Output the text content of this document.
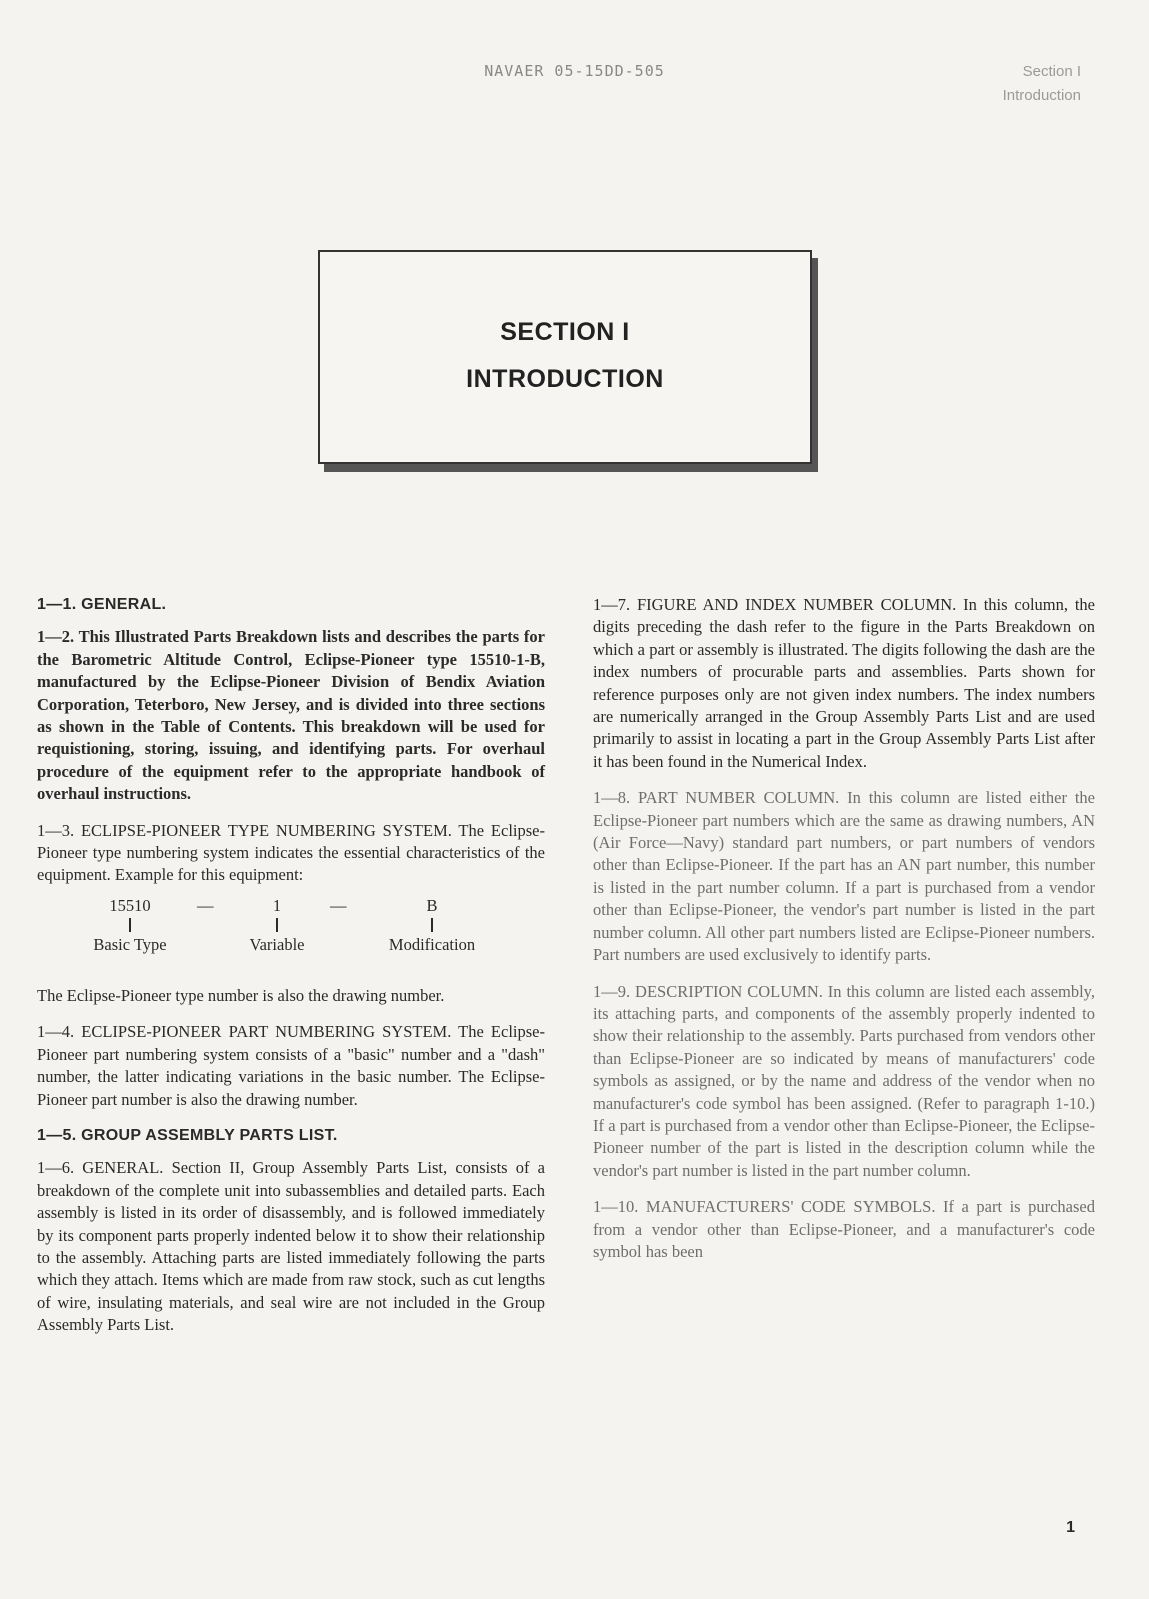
NAVAER 05-15DD-505	Section I
Introduction
SECTION I
INTRODUCTION
1—1. GENERAL.

1—2. This Illustrated Parts Breakdown lists and describes the parts for the Barometric Altitude Control, Eclipse-Pioneer type 15510-1-B, manufactured by the Eclipse-Pioneer Division of Bendix Aviation Corporation, Teterboro, New Jersey, and is divided into three sections as shown in the Table of Contents. This breakdown will be used for requistioning, storing, issuing, and identifying parts. For overhaul procedure of the equipment refer to the appropriate handbook of overhaul instructions.

1—3. ECLIPSE-PIONEER TYPE NUMBERING SYSTEM. The Eclipse-Pioneer type numbering system indicates the essential characteristics of the equipment. Example for this equipment:

15510
Basic Type
—	1
Variable
—	B
Modification

The Eclipse-Pioneer type number is also the drawing number.

1—4. ECLIPSE-PIONEER PART NUMBERING SYSTEM. The Eclipse-Pioneer part numbering system consists of a "basic" number and a "dash" number, the latter indicating variations in the basic number. The Eclipse-Pioneer part number is also the drawing number.

1—5. GROUP ASSEMBLY PARTS LIST.

1—6. GENERAL. Section II, Group Assembly Parts List, consists of a breakdown of the complete unit into subassemblies and detailed parts. Each assembly is listed in its order of disassembly, and is followed immediately by its component parts properly indented below it to show their relationship to the assembly. Attaching parts are listed immediately following the parts which they attach. Items which are made from raw stock, such as cut lengths of wire, insulating materials, and seal wire are not included in the Group Assembly Parts List.

1—7. FIGURE AND INDEX NUMBER COLUMN. In this column, the digits preceding the dash refer to the figure in the Parts Breakdown on which a part or assembly is illustrated. The digits following the dash are the index numbers of procurable parts and assemblies. Parts shown for reference purposes only are not given index numbers. The index numbers are numerically arranged in the Group Assembly Parts List and are used primarily to assist in locating a part in the Group Assembly Parts List after it has been found in the Numerical Index.

1—8. PART NUMBER COLUMN. In this column are listed either the Eclipse-Pioneer part numbers which are the same as drawing numbers, AN (Air Force—Navy) standard part numbers, or part numbers of vendors other than Eclipse-Pioneer. If the part has an AN part number, this number is listed in the part number column. If a part is purchased from a vendor other than Eclipse-Pioneer, the vendor's part number is listed in the part number column. All other part numbers listed are Eclipse-Pioneer numbers. Part numbers are used exclusively to identify parts.

1—9. DESCRIPTION COLUMN. In this column are listed each assembly, its attaching parts, and components of the assembly properly indented to show their relationship to the assembly. Parts purchased from vendors other than Eclipse-Pioneer are so indicated by means of manufacturers' code symbols as assigned, or by the name and address of the vendor when no manufacturer's code symbol has been assigned. (Refer to paragraph 1-10.) If a part is purchased from a vendor other than Eclipse-Pioneer, the Eclipse-Pioneer number of the part is listed in the description column while the vendor's part number is listed in the part number column.

1—10. MANUFACTURERS' CODE SYMBOLS. If a part is purchased from a vendor other than Eclipse-Pioneer, and a manufacturer's code symbol has been

1
